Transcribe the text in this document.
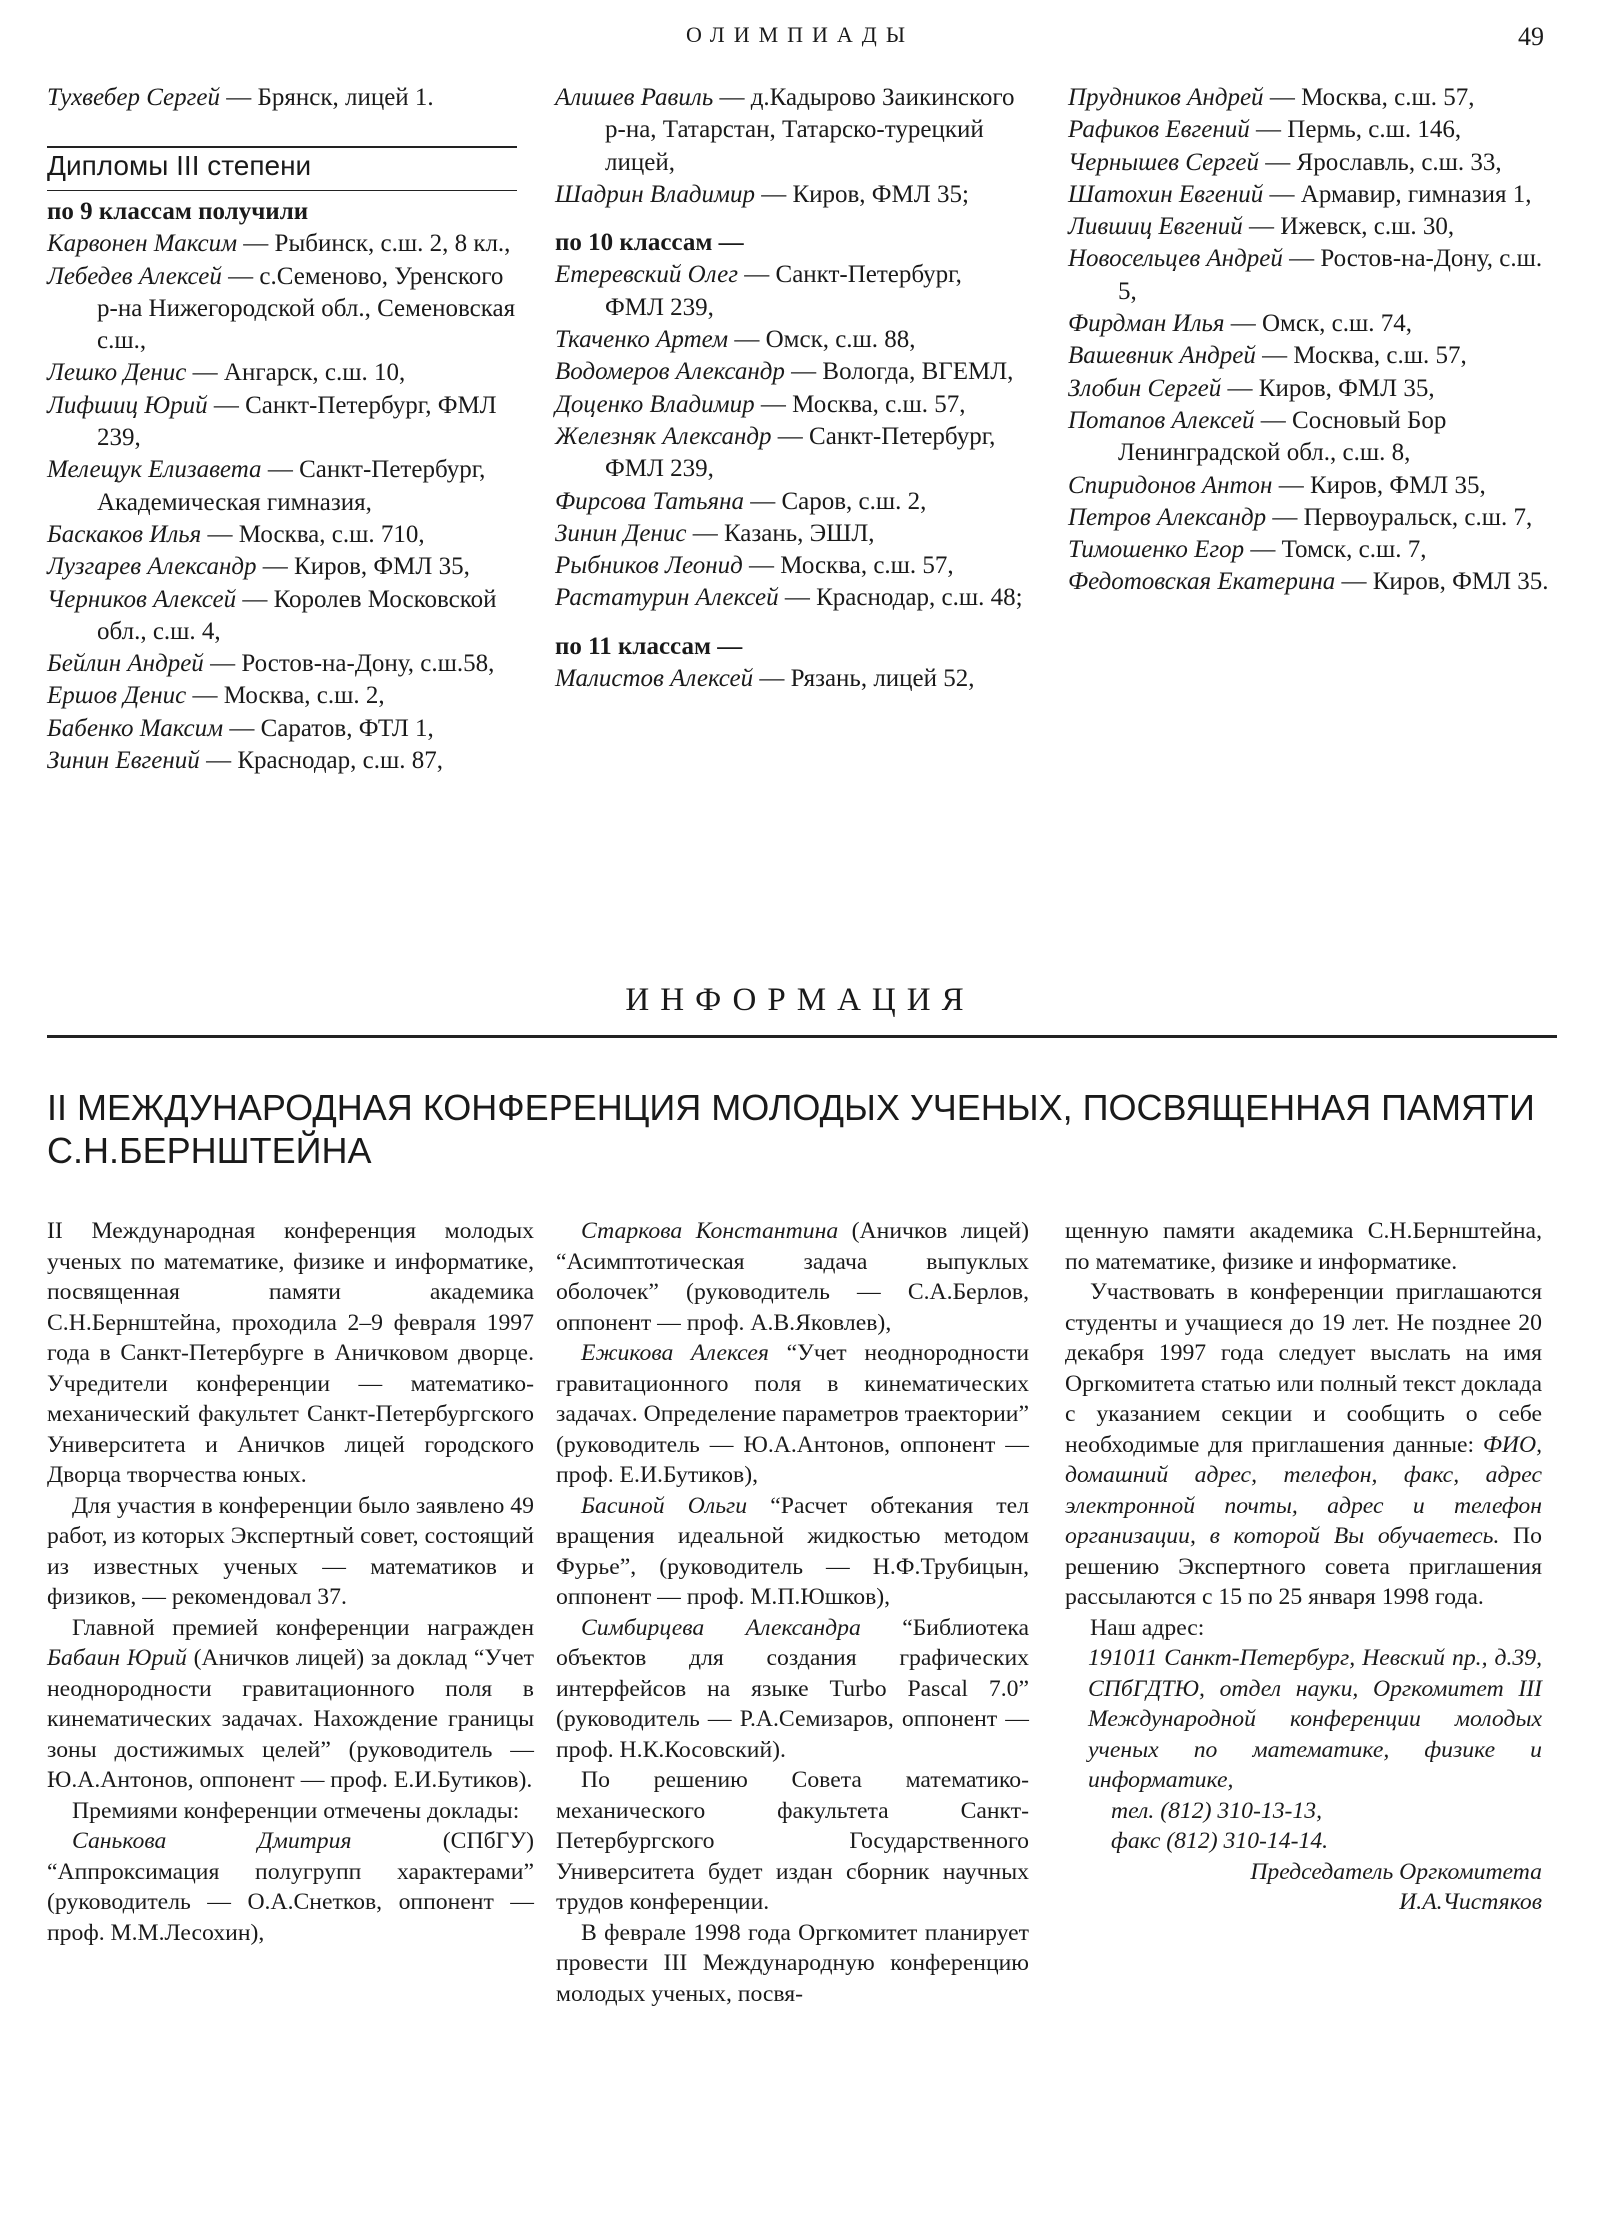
ОЛИМПИАДЫ	49
Тухвебер Сергей — Брянск, лицей 1.
Дипломы III степени
по 9 классам получили
Карвонен Максим — Рыбинск, с.ш. 2, 8 кл.,
Лебедев Алексей — с.Семеново, Уренского р-на Нижегородской обл., Семеновская с.ш.,
Лешко Денис — Ангарск, с.ш. 10,
Лифшиц Юрий — Санкт-Петербург, ФМЛ 239,
Мелещук Елизавета — Санкт-Петербург, Академическая гимназия,
Баскаков Илья — Москва, с.ш. 710,
Лузгарев Александр — Киров, ФМЛ 35,
Черников Алексей — Королев Московской обл., с.ш. 4,
Бейлин Андрей — Ростов-на-Дону, с.ш.58,
Ершов Денис — Москва, с.ш. 2,
Бабенко Максим — Саратов, ФТЛ 1,
Зинин Евгений — Краснодар, с.ш. 87,
Алишев Равиль — д.Кадырово Заикинского р-на, Татарстан, Татарско-турецкий лицей,
Шадрин Владимир — Киров, ФМЛ 35;
по 10 классам —
Етеревский Олег — Санкт-Петербург, ФМЛ 239,
Ткаченко Артем — Омск, с.ш. 88,
Водомеров Александр — Вологда, ВГЕМЛ,
Доценко Владимир — Москва, с.ш. 57,
Железняк Александр — Санкт-Петербург, ФМЛ 239,
Фирсова Татьяна — Саров, с.ш. 2,
Зинин Денис — Казань, ЭШЛ,
Рыбников Леонид — Москва, с.ш. 57,
Растатурин Алексей — Краснодар, с.ш. 48;
по 11 классам —
Малистов Алексей — Рязань, лицей 52,
Прудников Андрей — Москва, с.ш. 57,
Рафиков Евгений — Пермь, с.ш. 146,
Чернышев Сергей — Ярославль, с.ш. 33,
Шатохин Евгений — Армавир, гимназия 1,
Лившиц Евгений — Ижевск, с.ш. 30,
Новосельцев Андрей — Ростов-на-Дону, с.ш. 5,
Фирдман Илья — Омск, с.ш. 74,
Вашевник Андрей — Москва, с.ш. 57,
Злобин Сергей — Киров, ФМЛ 35,
Потапов Алексей — Сосновый Бор Ленинградской обл., с.ш. 8,
Спиридонов Антон — Киров, ФМЛ 35,
Петров Александр — Первоуральск, с.ш. 7,
Тимошенко Егор — Томск, с.ш. 7,
Федотовская Екатерина — Киров, ФМЛ 35.
ИНФОРМАЦИЯ
II МЕЖДУНАРОДНАЯ КОНФЕРЕНЦИЯ МОЛОДЫХ УЧЕНЫХ, ПОСВЯЩЕННАЯ ПАМЯТИ С.Н.БЕРНШТЕЙНА

II Международная конференция молодых ученых по математике, физике и информатике, посвященная памяти академика С.Н.Бернштейна, проходила 2–9 февраля 1997 года в Санкт-Петербурге в Аничковом дворце. Учредители конференции — математико-механический факультет Санкт-Петербургского Университета и Аничков лицей городского Дворца творчества юных.

Для участия в конференции было заявлено 49 работ, из которых Экспертный совет, состоящий из известных ученых — математиков и физиков, — рекомендовал 37.

Главной премией конференции награжден Бабаин Юрий (Аничков лицей) за доклад “Учет неоднородности гравитационного поля в кинематических задачах. Нахождение границы зоны достижимых целей” (руководитель — Ю.А.Антонов, оппонент — проф. Е.И.Бутиков).

Премиями конференции отмечены доклады:

Санькова Дмитрия (СПбГУ) “Аппроксимация полугрупп характерами” (руководитель — О.А.Снетков, оппонент — проф. М.М.Лесохин),

Старкова Константина (Аничков лицей) “Асимптотическая задача выпуклых оболочек” (руководитель — С.А.Берлов, оппонент — проф. А.В.Яковлев),

Ежикова Алексея “Учет неоднородности гравитационного поля в кинематических задачах. Определение параметров траектории” (руководитель — Ю.А.Антонов, оппонент — проф. Е.И.Бутиков),

Басиной Ольги “Расчет обтекания тел вращения идеальной жидкостью методом Фурье”, (руководитель — Н.Ф.Трубицын, оппонент — проф. М.П.Юшков),

Симбирцева Александра “Библиотека объектов для создания графических интерфейсов на языке Turbo Pascal 7.0” (руководитель — Р.А.Семизаров, оппонент — проф. Н.К.Косовский).

По решению Совета математико-механического факультета Санкт-Петербургского Государственного Университета будет издан сборник научных трудов конференции.

В феврале 1998 года Оргкомитет планирует провести III Международную конференцию молодых ученых, посвя-

щенную памяти академика С.Н.Бернштейна, по математике, физике и информатике.

Участвовать в конференции приглашаются студенты и учащиеся до 19 лет. Не позднее 20 декабря 1997 года следует выслать на имя Оргкомитета статью или полный текст доклада с указанием секции и сообщить о себе необходимые для приглашения данные: ФИО, домашний адрес, телефон, факс, адрес электронной почты, адрес и телефон организации, в которой Вы обучаетесь. По решению Экспертного совета приглашения рассылаются с 15 по 25 января 1998 года.

Наш адрес:

191011 Санкт-Петербург, Невский пр., д.39, СПбГДТЮ, отдел науки, Оргкомитет III Международной конференции молодых ученых по математике, физике и информатике,

тел. (812) 310-13-13,

факс (812) 310-14-14.

Председатель Оргкомитета

И.А.Чистяков
